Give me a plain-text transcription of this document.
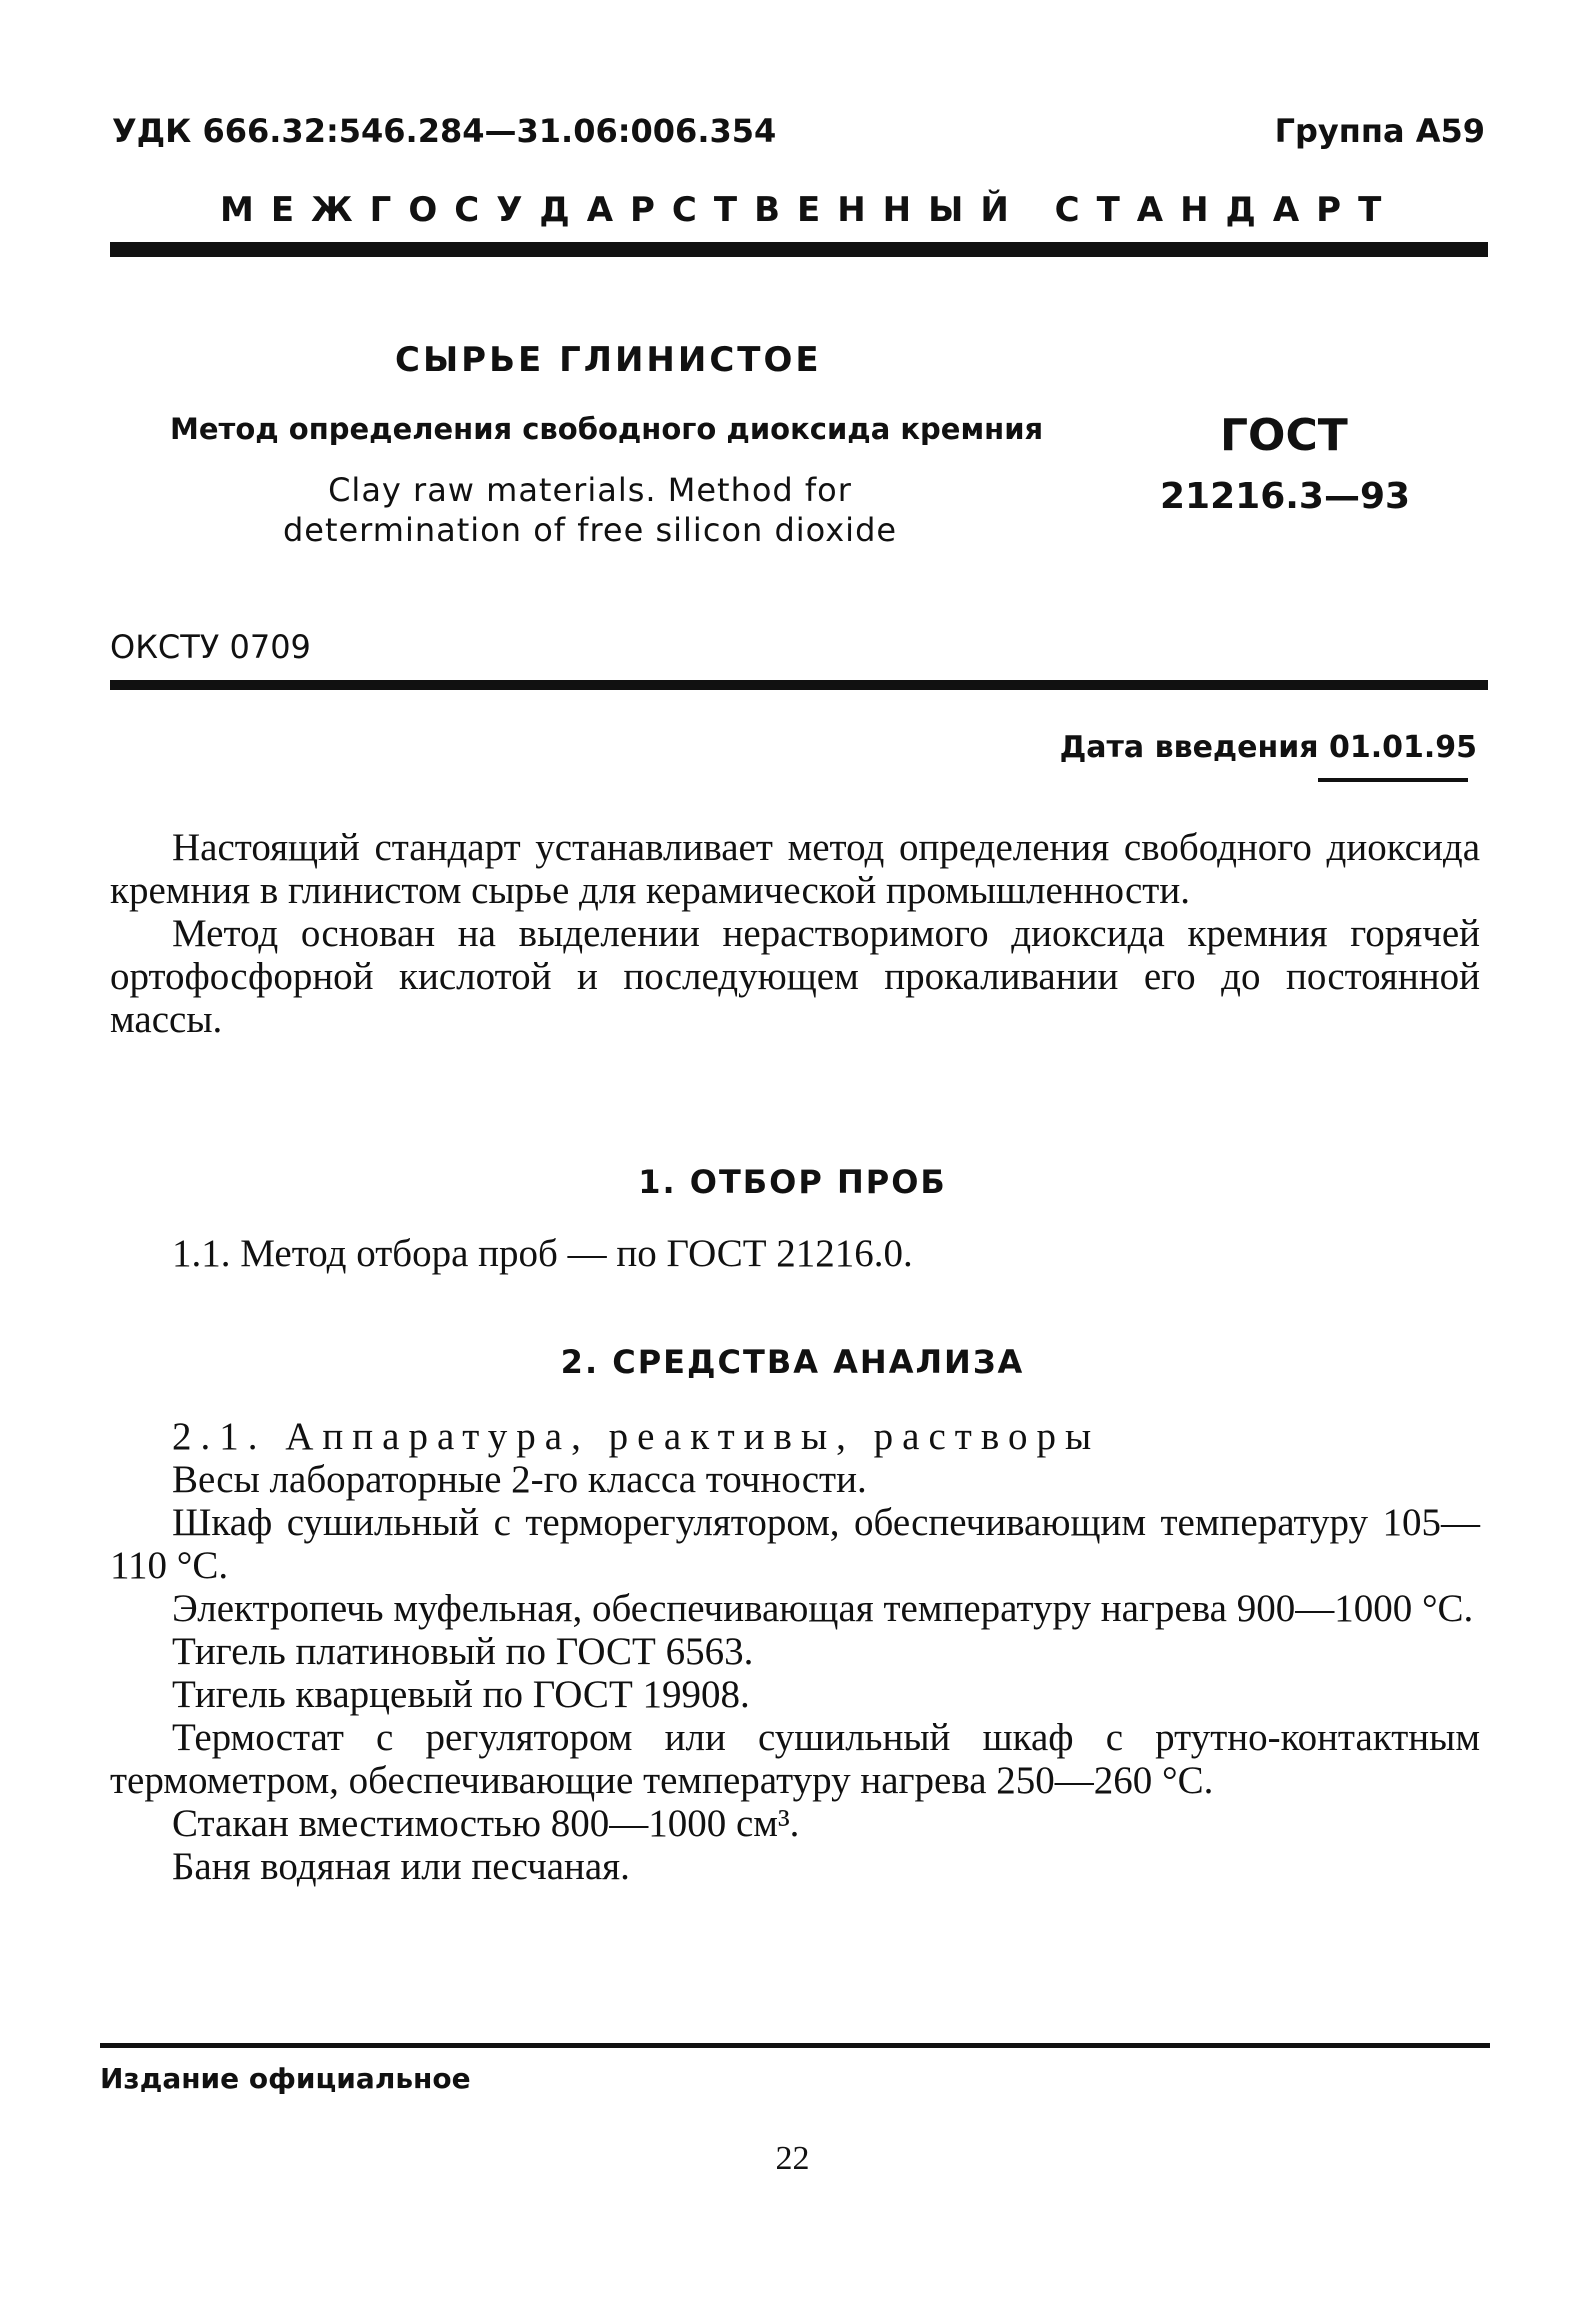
УДК 666.32:546.284—31.06:006.354	Группа А59
МЕЖГОСУДАРСТВЕННЫЙ СТАНДАРТ
СЫРЬЕ ГЛИНИСТОЕ
Метод определения свободного диоксида кремния
Clay raw materials. Method for
determination of free silicon dioxide
ГОСТ
21216.3—93
ОКСТУ 0709
Дата введения 01.01.95

Настоящий стандарт устанавливает метод определения свободного диоксида кремния в глинистом сырье для керамической промышленности.

Метод основан на выделении нерастворимого диоксида кремния горячей ортофосфорной кислотой и последующем прокаливании его до постоянной массы.

1. ОТБОР ПРОБ

1.1. Метод отбора проб — по ГОСТ 21216.0.

2. СРЕДСТВА АНАЛИЗА

2.1. Аппаратура, реактивы, растворы

Весы лабораторные 2-го класса точности.

Шкаф сушильный с терморегулятором, обеспечивающим температуру 105—110 °С.

Электропечь муфельная, обеспечивающая температуру нагрева 900—1000 °С.

Тигель платиновый по ГОСТ 6563.

Тигель кварцевый по ГОСТ 19908.

Термостат с регулятором или сушильный шкаф с ртутно-контактным термометром, обеспечивающие температуру нагрева 250—260 °С.

Стакан вместимостью 800—1000 см³.

Баня водяная или песчаная.

Издание официальное
22
